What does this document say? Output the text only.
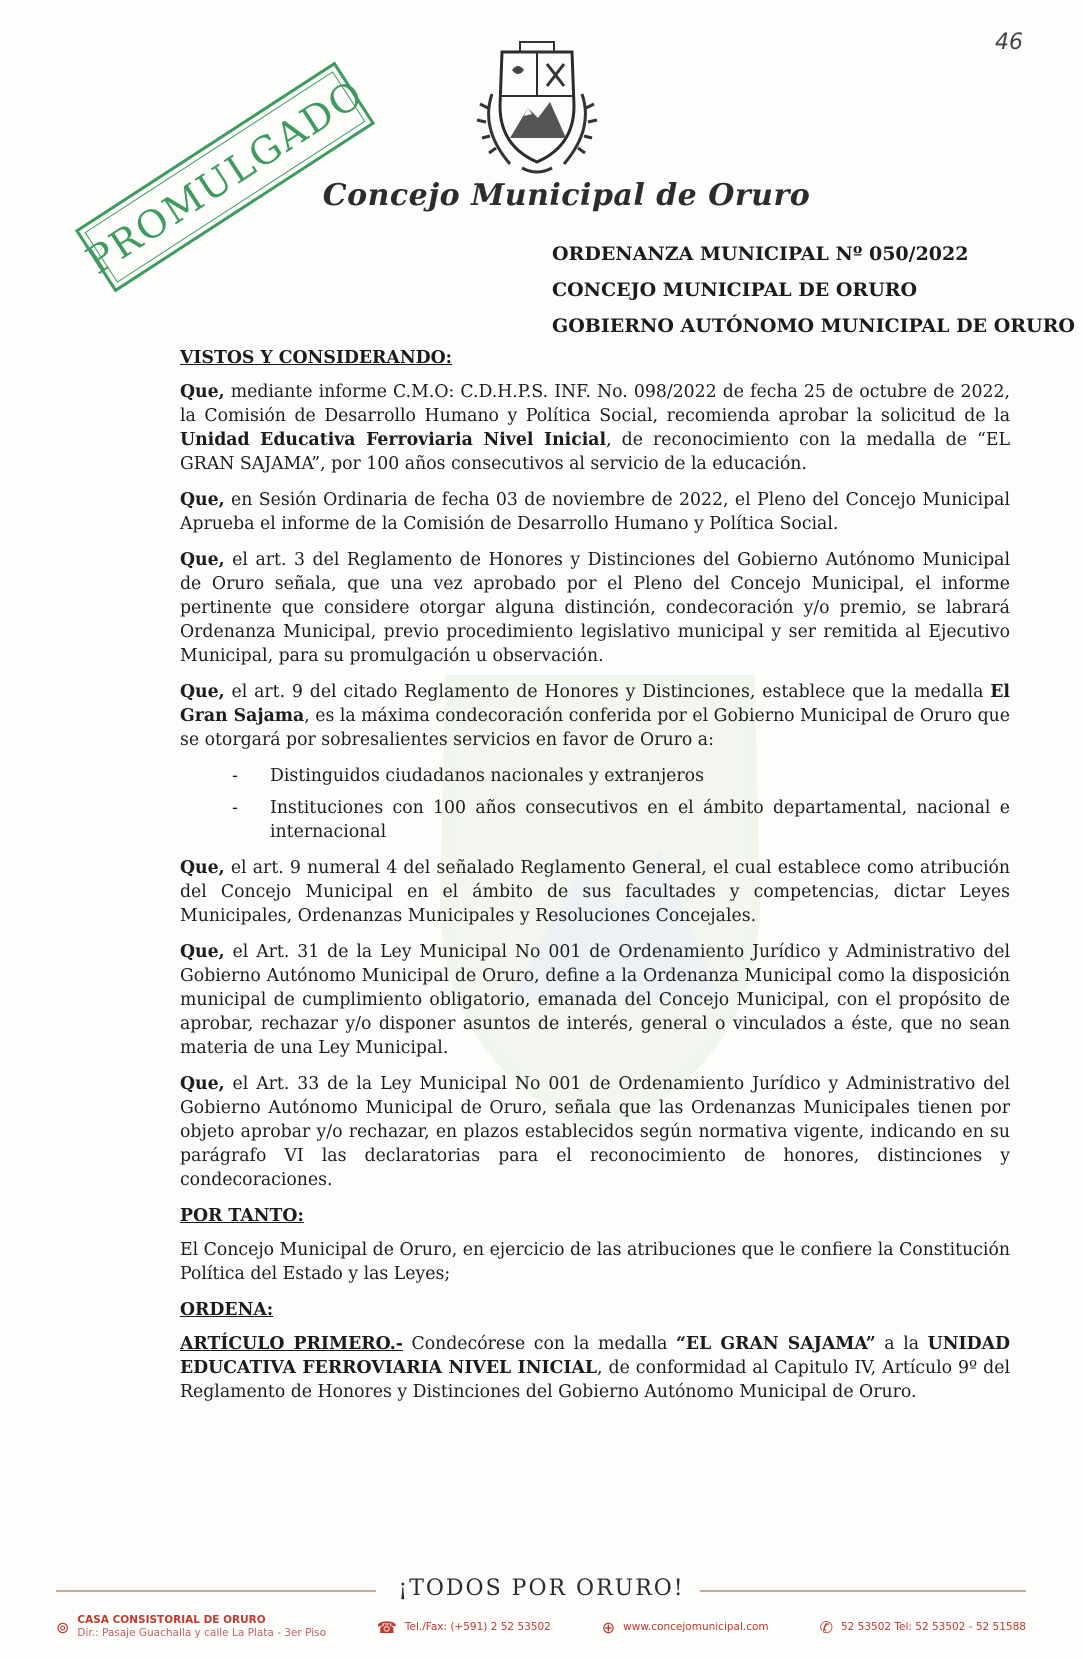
46
Concejo Municipal de Oruro
PROMULGADO	ORDENANZA MUNICIPAL Nº 050/2022
CONCEJO MUNICIPAL DE ORURO
GOBIERNO AUTÓNOMO MUNICIPAL DE ORURO
VISTOS Y CONSIDERANDO:

Que, mediante informe C.M.O: C.D.H.P.S. INF. No. 098/2022 de fecha 25 de octubre de 2022, la Comisión de Desarrollo Humano y Política Social, recomienda aprobar la solicitud de la Unidad Educativa Ferroviaria Nivel Inicial, de reconocimiento con la medalla de “EL GRAN SAJAMA”, por 100 años consecutivos al servicio de la educación.

Que, en Sesión Ordinaria de fecha 03 de noviembre de 2022, el Pleno del Concejo Municipal Aprueba el informe de la Comisión de Desarrollo Humano y Política Social.

Que, el art. 3 del Reglamento de Honores y Distinciones del Gobierno Autónomo Municipal de Oruro señala, que una vez aprobado por el Pleno del Concejo Municipal, el informe pertinente que considere otorgar alguna distinción, condecoración y/o premio, se labrará Ordenanza Municipal, previo procedimiento legislativo municipal y ser remitida al Ejecutivo Municipal, para su promulgación u observación.

Que, el art. 9 del citado Reglamento de Honores y Distinciones, establece que la medalla El Gran Sajama, es la máxima condecoración conferida por el Gobierno Municipal de Oruro que se otorgará por sobresalientes servicios en favor de Oruro a:

- Distinguidos ciudadanos nacionales y extranjeros
- Instituciones con 100 años consecutivos en el ámbito departamental, nacional e internacional

Que, el art. 9 numeral 4 del señalado Reglamento General, el cual establece como atribución del Concejo Municipal en el ámbito de sus facultades y competencias, dictar Leyes Municipales, Ordenanzas Municipales y Resoluciones Concejales.

Que, el Art. 31 de la Ley Municipal No 001 de Ordenamiento Jurídico y Administrativo del Gobierno Autónomo Municipal de Oruro, define a la Ordenanza Municipal como la disposición municipal de cumplimiento obligatorio, emanada del Concejo Municipal, con el propósito de aprobar, rechazar y/o disponer asuntos de interés, general o vinculados a éste, que no sean materia de una Ley Municipal.

Que, el Art. 33 de la Ley Municipal No 001 de Ordenamiento Jurídico y Administrativo del Gobierno Autónomo Municipal de Oruro, señala que las Ordenanzas Municipales tienen por objeto aprobar y/o rechazar, en plazos establecidos según normativa vigente, indicando en su parágrafo VI las declaratorias para el reconocimiento de honores, distinciones y condecoraciones.

POR TANTO:

El Concejo Municipal de Oruro, en ejercicio de las atribuciones que le confiere la Constitución Política del Estado y las Leyes;

ORDENA:

ARTÍCULO PRIMERO.- Condecórese con la medalla “EL GRAN SAJAMA” a la UNIDAD EDUCATIVA FERROVIARIA NIVEL INICIAL, de conformidad al Capitulo IV, Artículo 9º del Reglamento de Honores y Distinciones del Gobierno Autónomo Municipal de Oruro.

¡TODOS POR ORURO!
⊚ CASA CONSISTORIAL DE ORURO
Dir.: Pasaje Guachalla y calle La Plata - 3er Piso	☎ Tel./Fax: (+591) 2 52 53502	⊕ www.concejomunicipal.com	✆ 52 53502 Tel: 52 53502 - 52 51588
